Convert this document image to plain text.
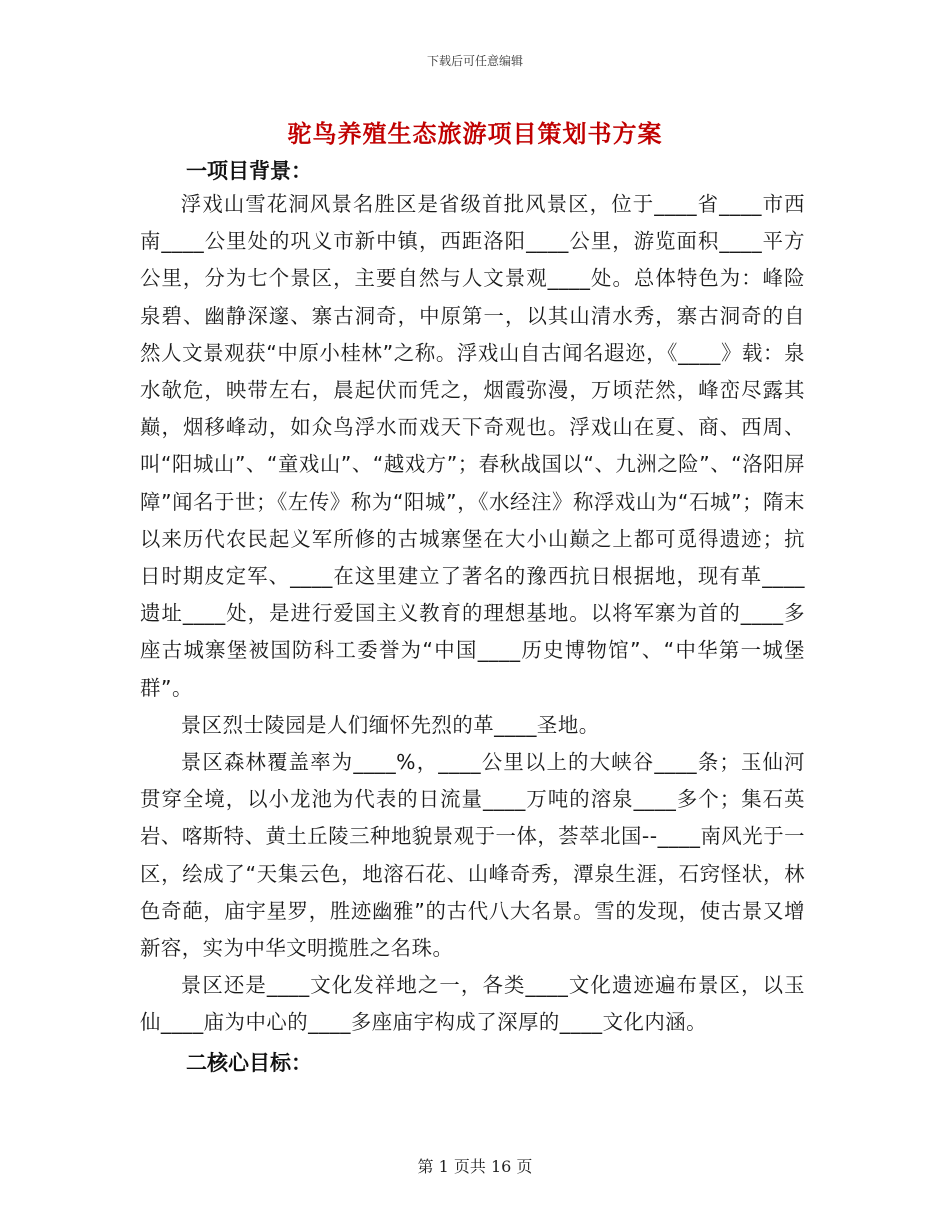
下载后可任意编辑
驼鸟养殖生态旅游项目策划书方案
一项目背景：

浮戏山雪花洞风景名胜区是省级首批风景区，位于____省____市西南____公里处的巩义市新中镇，西距洛阳____公里，游览面积____平方公里，分为七个景区，主要自然与人文景观____处。总体特色为：峰险泉碧、幽静深邃、寨古洞奇，中原第一，以其山清水秀，寨古洞奇的自然人文景观获“中原小桂林”之称。浮戏山自古闻名遐迩，《____》载：泉水欹危，映带左右，晨起伏而凭之，烟霞弥漫，万顷茫然，峰峦尽露其巅，烟移峰动，如众鸟浮水而戏天下奇观也。浮戏山在夏、商、西周、叫“阳城山”、“童戏山”、“越戏方”；春秋战国以“、九洲之险”、“洛阳屏障”闻名于世；《左传》称为“阳城”，《水经注》称浮戏山为“石城”；隋末以来历代农民起义军所修的古城寨堡在大小山巅之上都可觅得遗迹；抗日时期皮定军、____在这里建立了著名的豫西抗日根据地，现有革____遗址____处，是进行爱国主义教育的理想基地。以将军寨为首的____多座古城寨堡被国防科工委誉为“中国____历史博物馆”、“中华第一城堡群”。

景区烈士陵园是人们缅怀先烈的革____圣地。

景区森林覆盖率为____%，____公里以上的大峡谷____条；玉仙河贯穿全境，以小龙池为代表的日流量____万吨的溶泉____多个；集石英岩、喀斯特、黄土丘陵三种地貌景观于一体，荟萃北国--____南风光于一区，绘成了“天集云色，地溶石花、山峰奇秀，潭泉生涯，石窍怪状，林色奇葩，庙宇星罗，胜迹幽雅”的古代八大名景。雪的发现，使古景又增新容，实为中华文明揽胜之名珠。

景区还是____文化发祥地之一，各类____文化遗迹遍布景区，以玉仙____庙为中心的____多座庙宇构成了深厚的____文化内涵。

二核心目标：
第 1 页共 16 页
